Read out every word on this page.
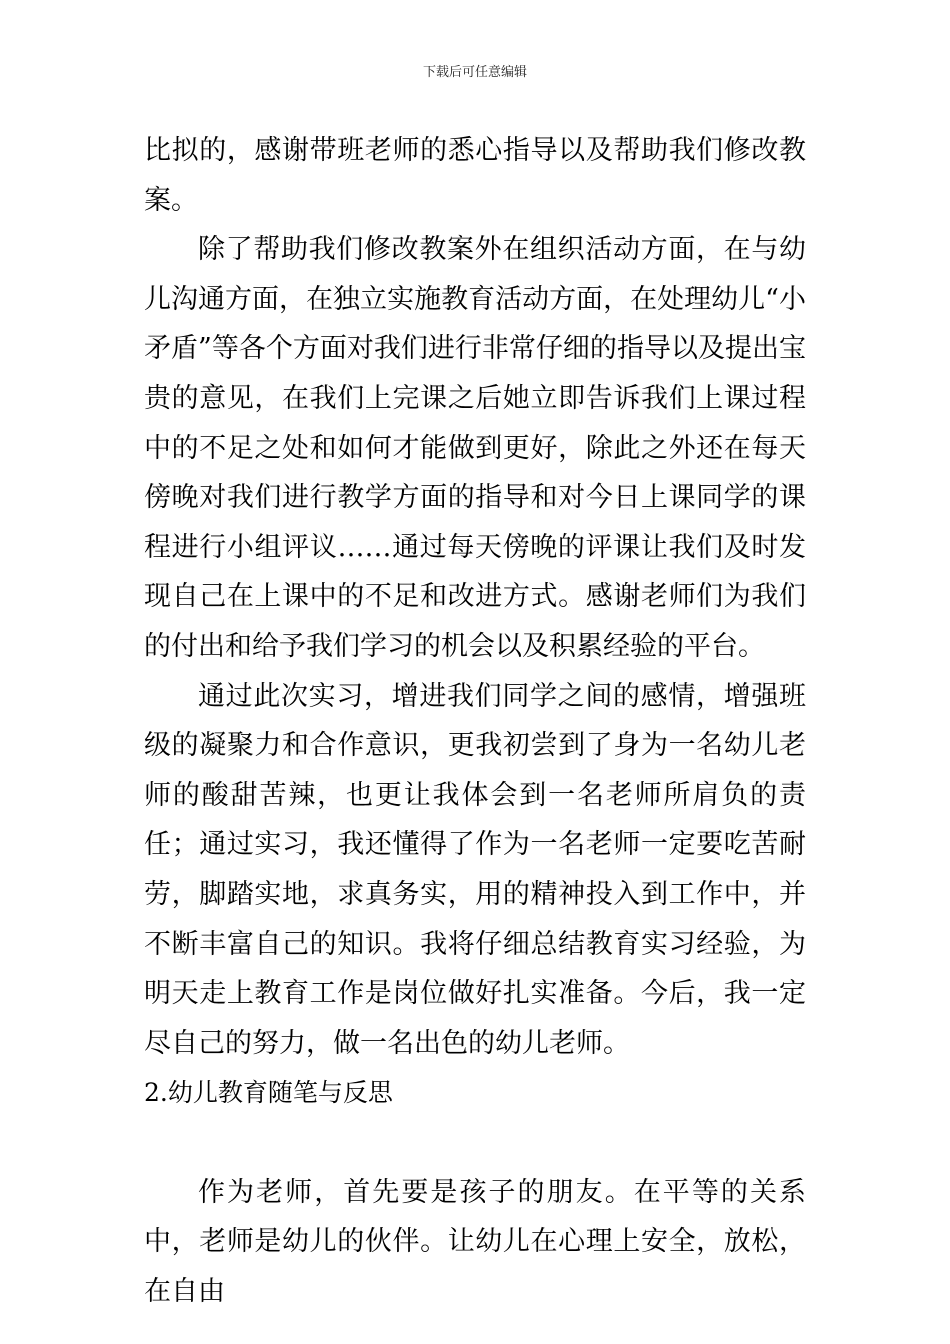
下载后可任意编辑

比拟的，感谢带班老师的悉心指导以及帮助我们修改教案。

除了帮助我们修改教案外在组织活动方面，在与幼儿沟通方面，在独立实施教育活动方面，在处理幼儿“小矛盾”等各个方面对我们进行非常仔细的指导以及提出宝贵的意见，在我们上完课之后她立即告诉我们上课过程中的不足之处和如何才能做到更好，除此之外还在每天傍晚对我们进行教学方面的指导和对今日上课同学的课程进行小组评议……通过每天傍晚的评课让我们及时发现自己在上课中的不足和改进方式。感谢老师们为我们的付出和给予我们学习的机会以及积累经验的平台。

通过此次实习，增进我们同学之间的感情，增强班级的凝聚力和合作意识，更我初尝到了身为一名幼儿老师的酸甜苦辣，也更让我体会到一名老师所肩负的责任；通过实习，我还懂得了作为一名老师一定要吃苦耐劳，脚踏实地，求真务实，用的精神投入到工作中，并不断丰富自己的知识。我将仔细总结教育实习经验，为明天走上教育工作是岗位做好扎实准备。今后，我一定尽自己的努力，做一名出色的幼儿老师。

2.幼儿教育随笔与反思

作为老师，首先要是孩子的朋友。在平等的关系中，老师是幼儿的伙伴。让幼儿在心理上安全，放松，在自由
